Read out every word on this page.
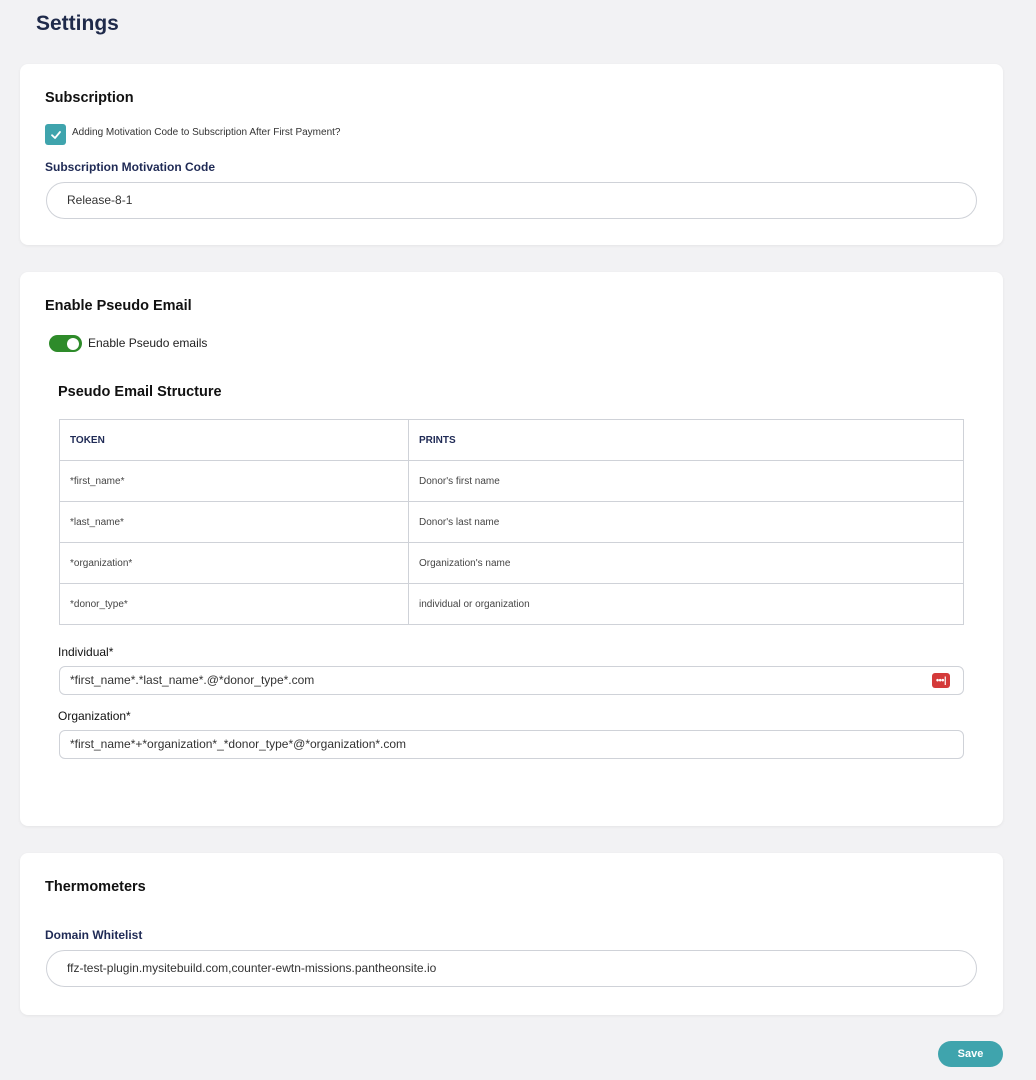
Settings
Subscription
Adding Motivation Code to Subscription After First Payment?
Subscription Motivation Code
Release-8-1
Enable Pseudo Email
Enable Pseudo emails
Pseudo Email Structure
TOKEN	PRINTS
*first_name*	Donor's first name
*last_name*	Donor's last name
*organization*	Organization's name
*donor_type*	individual or organization
Individual*
*first_name*.*last_name*.@*donor_type*.com	•••|
Organization*
*first_name*+*organization*_*donor_type*@*organization*.com
Thermometers
Domain Whitelist
ffz-test-plugin.mysitebuild.com,counter-ewtn-missions.pantheonsite.io
Save
